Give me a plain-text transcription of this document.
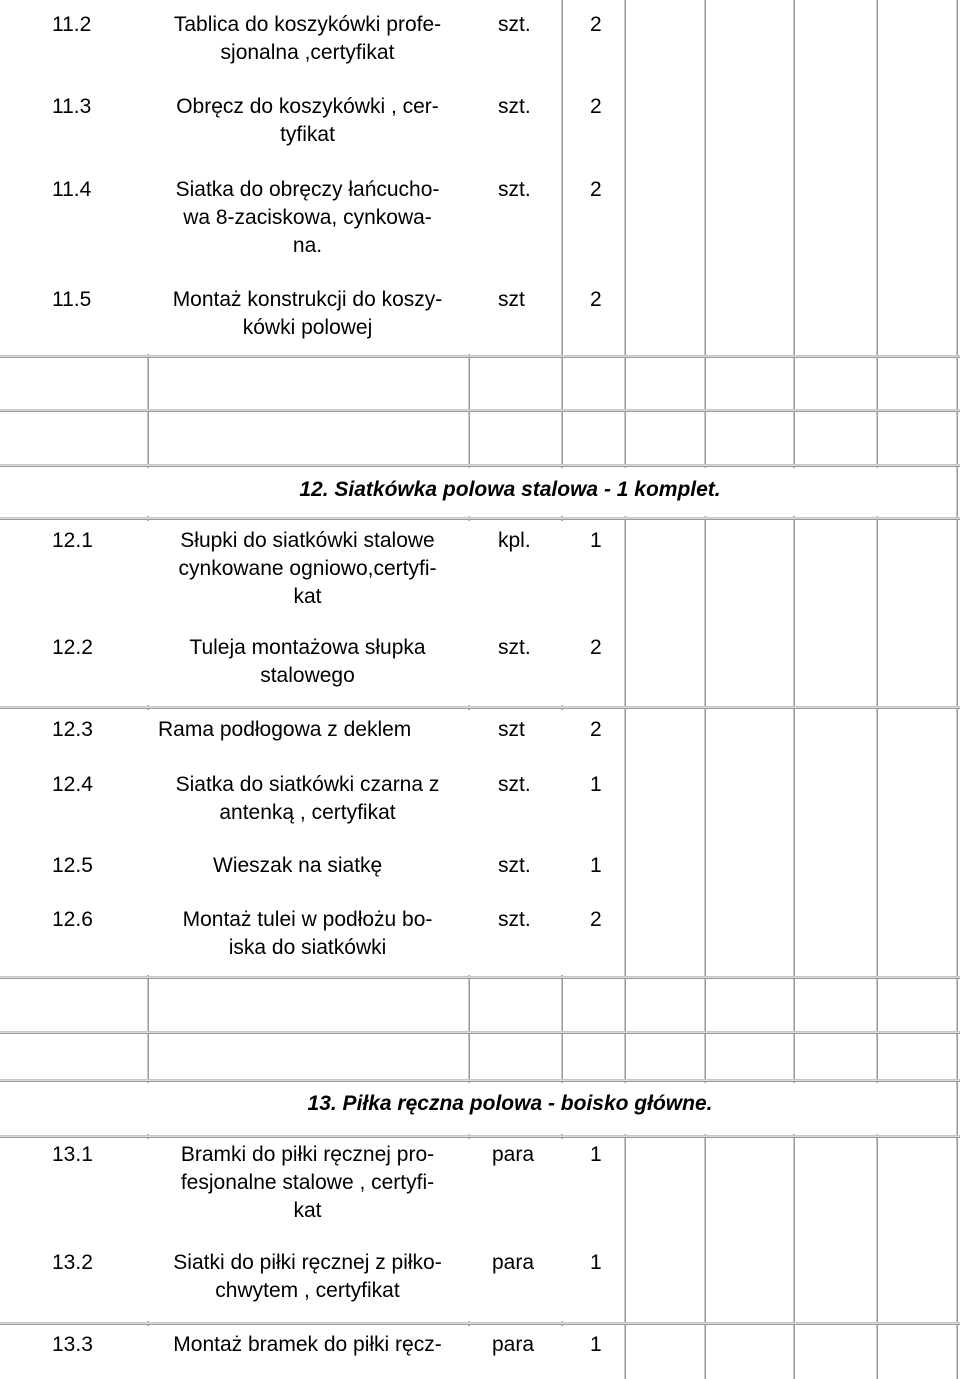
11.2	Tablica do koszykówki profe-
sjonalna ,certyfikat
szt.	2
11.3	Obręcz do koszykówki , cer-
tyfikat
szt.	2
11.4	Siatka do obręczy łańcucho-
wa 8-zaciskowa, cynkowa-
na.
szt.	2
11.5	Montaż konstrukcji do koszy-
kówki polowej
szt	2
12. Siatkówka polowa stalowa - 1 komplet.
12.1	Słupki do siatkówki stalowe
cynkowane ogniowo,certyfi-
kat
kpl.	1
12.2	Tuleja montażowa słupka
stalowego
szt.	2
12.3	Rama podłogowa z deklem	szt	2
12.4	Siatka do siatkówki czarna z
antenką , certyfikat
szt.	1
12.5	Wieszak na siatkę	szt.	1
12.6	Montaż tulei w podłożu bo-
iska do siatkówki
szt.	2
13. Piłka ręczna polowa - boisko główne.
13.1	Bramki do piłki ręcznej pro-
fesjonalne stalowe , certyfi-
kat
para	1
13.2	Siatki do piłki ręcznej z piłko-
chwytem , certyfikat
para	1
13.3	Montaż bramek do piłki ręcz-	para	1
